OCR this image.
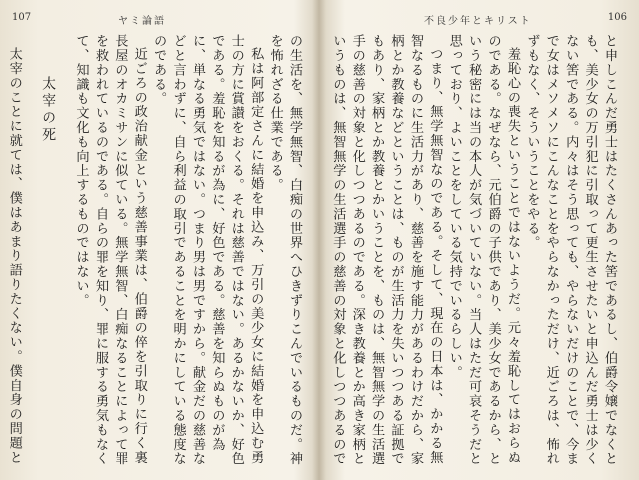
107	ヤミ論語
の生活を、無学無智、白痴の世界へひきずりこんでいるものだ。神を怖れざる仕業である。
私は阿部定さんに結婚を申込み、万引の美少女に結婚を申込む勇士の方に賞讃をおくる。それは慈善ではない。あるかないか、好色である。羞恥を知るが為に、好色である。慈善を知らぬものが為に、単なる勇気ではない。つまり男は男ですから。献金だの慈善などと言わずに、自ら利益の取引であることを明かにしている態度なのである。
近ごろの政治献金という慈善事業は、伯爵の倅を引取りに行く裏長屋のオカミサンに似ている。無学無智、白痴なることによって罪を救われているのである。自らの罪を知り、罪に服する勇気もなくて、知識も文化も向上するものではない。
太宰の死
太宰のことに就ては、僕はあまり語りたくない。僕自身の問題と
不良少年とキリスト	106
と申しこんだ勇士はたくさんあった筈であるし、伯爵令嬢でなくとも、美少女の万引犯に引取って更生させたいと申込んだ勇士は少くない筈である。内々はそう思っても、やらないだけのことで、今まで女はメソメソにこんなことをやらなかっただけ、近ごろは、怖れずもなく、そういうことをやる。
羞恥心の喪失ということではないようだ。元々羞恥してはおらぬのである。なぜなら、元伯爵の子供であり、美少女であるから、という秘密には当の本人が気づいていない。当人はただ可哀そうだと思っており、よいことをしている気持でいるらしい。
つまり、無学無智なのである。そして、現在の日本は、かかる無智なるものに生活力があり、慈善を施す能力があるわけだから、家柄とか教養などということは、ものが生活力を失いつつある証拠でもあり、家柄とか教養とかいうことを、ものは、無智無学の生活選手の慈善の対象と化しつつあるのである。深き教養とか高き家柄というものは、無智無学の生活選手の慈善の対象と化しつつあるので
